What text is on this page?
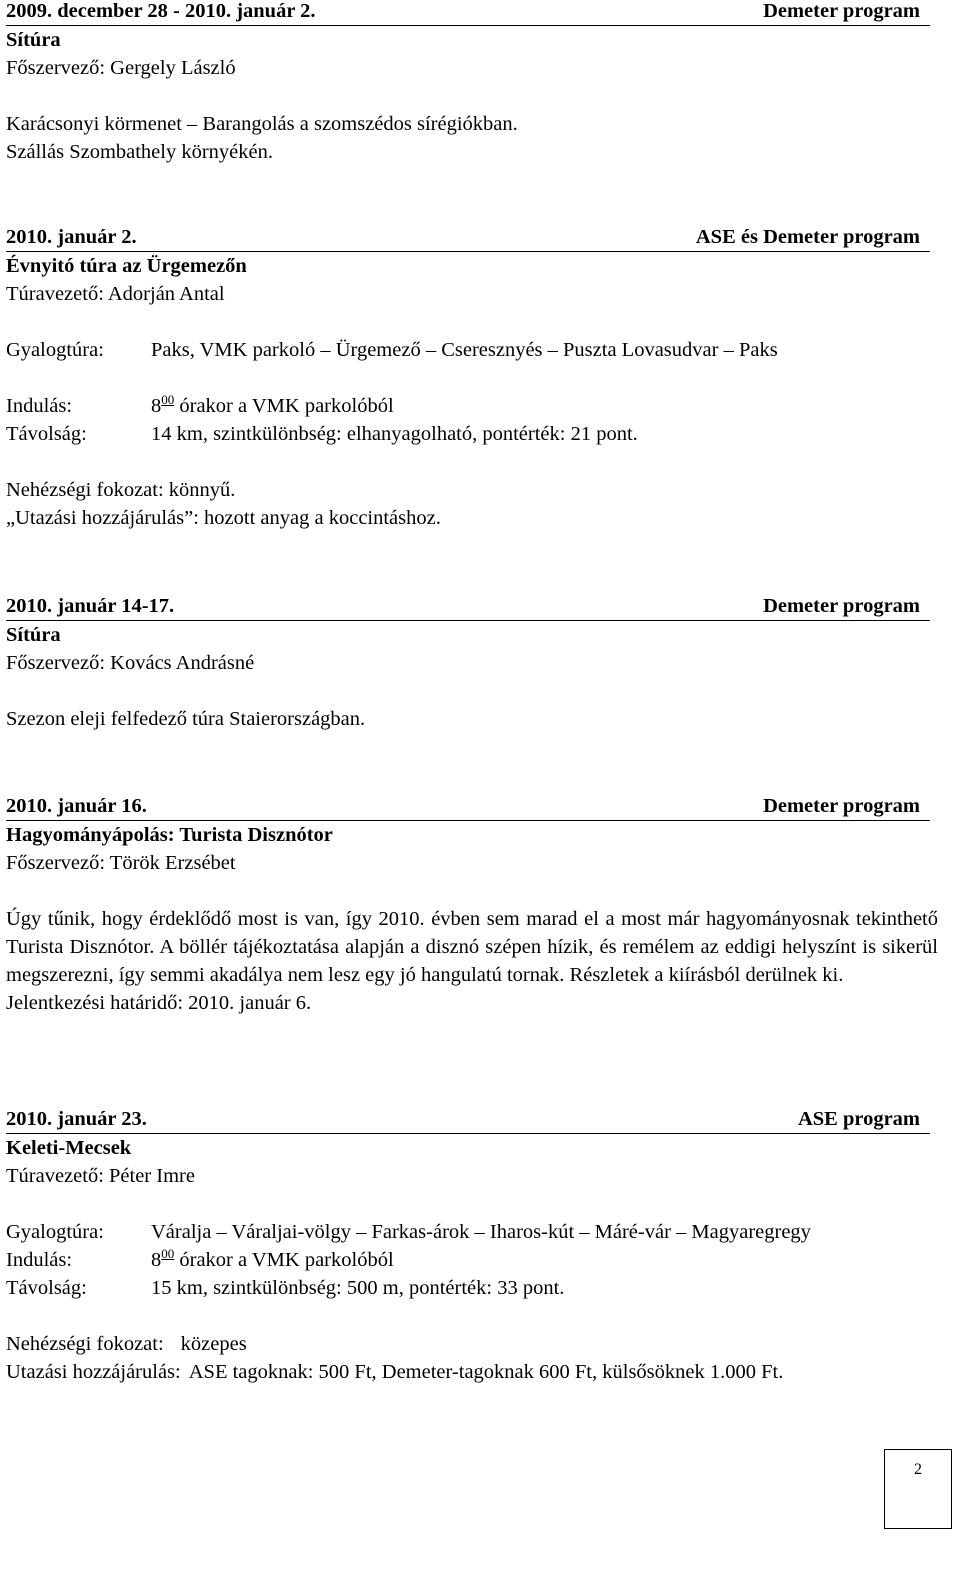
2009. december 28 - 2010. január 2.	Demeter program
Sítúra
Főszervező: Gergely László
Karácsonyi körmenet – Barangolás a szomszédos sírégiókban.
Szállás Szombathely környékén.
2010. január 2.	ASE és Demeter program
Évnyitó túra az Ürgemezőn
Túravezető: Adorján Antal
Gyalogtúra:	Paks, VMK parkoló – Ürgemező – Cseresznyés – Puszta Lovasudvar – Paks
Indulás:	$8^{00}$ órakor a VMK parkolóból
Távolság:	14 km, szintkülönbség: elhanyagolható, pontérték: 21 pont.
Nehézségi fokozat: könnyű.
„Utazási hozzájárulás”: hozott anyag a koccintáshoz.
2010. január 14-17.	Demeter program
Sítúra
Főszervező: Kovács Andrásné
Szezon eleji felfedező túra Staierországban.
2010. január 16.	Demeter program
Hagyományápolás: Turista Disznótor
Főszervező: Török Erzsébet
Úgy tűnik, hogy érdeklődő most is van, így 2010. évben sem marad el a most már hagyományosnak tekinthető Turista Disznótor. A böllér tájékoztatása alapján a disznó szépen hízik, és remélem az eddigi helyszínt is sikerül megszerezni, így semmi akadálya nem lesz egy jó hangulatú tornak. Részletek a kiírásból derülnek ki.
Jelentkezési határidő: 2010. január 6.
2010. január 23.	ASE program
Keleti-Mecsek
Túravezető: Péter Imre
Gyalogtúra:	Váralja – Váraljai-völgy – Farkas-árok – Iharos-kút – Máré-vár – Magyaregregy
Indulás:	$8^{00}$ órakor a VMK parkolóból
Távolság:	15 km, szintkülönbség: 500 m, pontérték: 33 pont.
Nehézségi fokozat: közepes
Utazási hozzájárulás: ASE tagoknak: 500 Ft, Demeter-tagoknak 600 Ft, külsősöknek 1.000 Ft.
2
